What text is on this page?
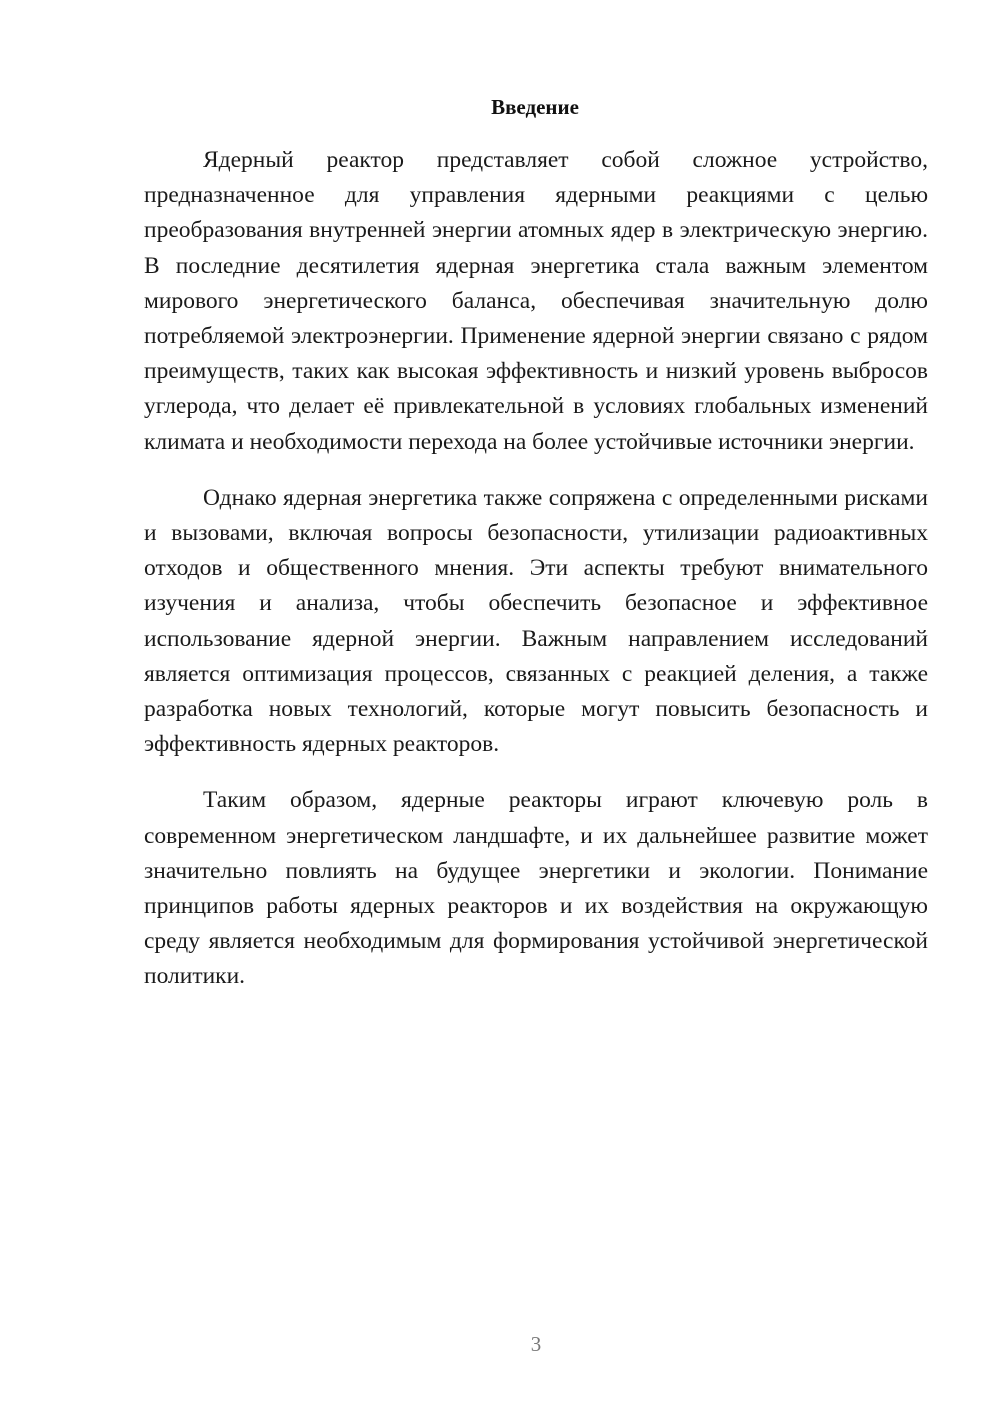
Введение

Ядерный реактор представляет собой сложное устройство, предназначенное для управления ядерными реакциями с целью преобразования внутренней энергии атомных ядер в электрическую энергию. В последние десятилетия ядерная энергетика стала важным элементом мирового энергетического баланса, обеспечивая значительную долю потребляемой электроэнергии. Применение ядерной энергии связано с рядом преимуществ, таких как высокая эффективность и низкий уровень выбросов углерода, что делает её привлекательной в условиях глобальных изменений климата и необходимости перехода на более устойчивые источники энергии.

Однако ядерная энергетика также сопряжена с определенными рисками и вызовами, включая вопросы безопасности, утилизации радиоактивных отходов и общественного мнения. Эти аспекты требуют внимательного изучения и анализа, чтобы обеспечить безопасное и эффективное использование ядерной энергии. Важным направлением исследований является оптимизация процессов, связанных с реакцией деления, а также разработка новых технологий, которые могут повысить безопасность и эффективность ядерных реакторов.

Таким образом, ядерные реакторы играют ключевую роль в современном энергетическом ландшафте, и их дальнейшее развитие может значительно повлиять на будущее энергетики и экологии. Понимание принципов работы ядерных реакторов и их воздействия на окружающую среду является необходимым для формирования устойчивой энергетической политики.

3
